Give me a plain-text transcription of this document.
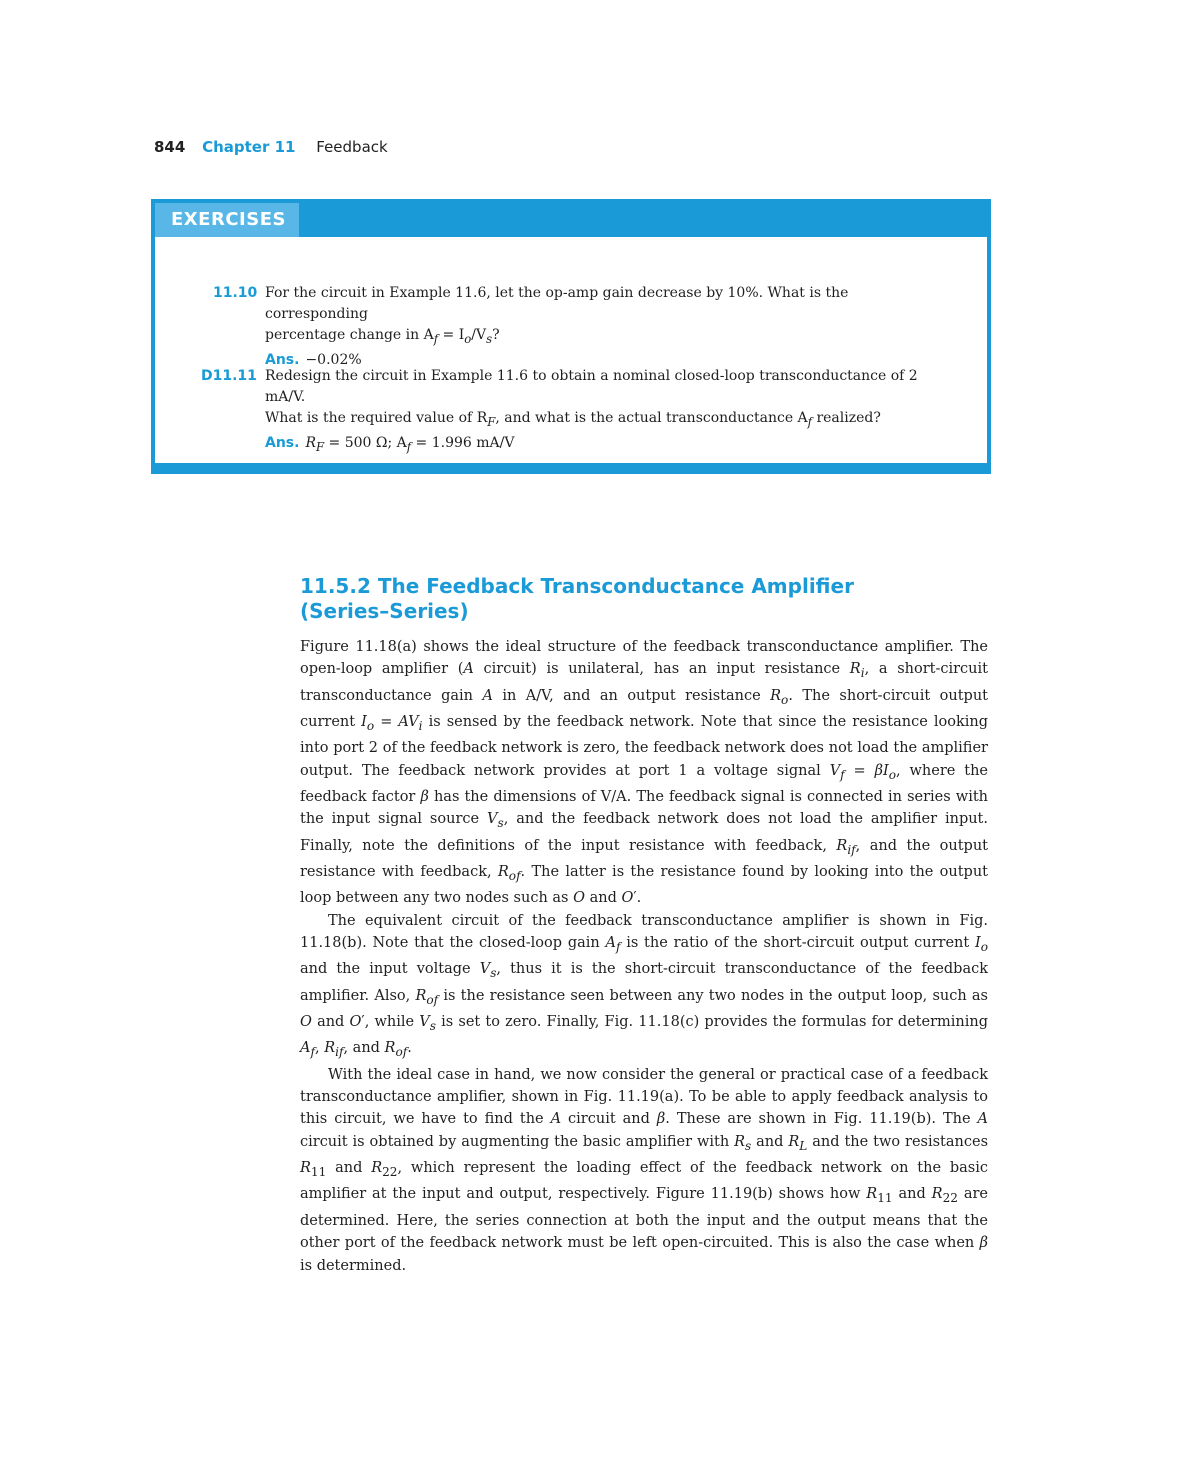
844 Chapter 11 Feedback
EXERCISES
11.10 For the circuit in Example 11.6, let the op-amp gain decrease by 10%. What is the corresponding
percentage change in $A_f = I_o/V_s$?
Ans. −0.02%
D11.11 Redesign the circuit in Example 11.6 to obtain a nominal closed-loop transconductance of 2 mA/V.
What is the required value of $R_F$, and what is the actual transconductance $A_f$ realized?
Ans. $R_F = 500$ Ω; $A_f = 1.996$ mA/V
11.5.2 The Feedback Transconductance Amplifier
(Series–Series)

Figure 11.18(a) shows the ideal structure of the feedback transconductance amplifier. The open-loop amplifier (A circuit) is unilateral, has an input resistance $R_i$, a short-circuit transconductance gain A in A/V, and an output resistance $R_o$. The short-circuit output current $I_o = AV_i$ is sensed by the feedback network. Note that since the resistance looking into port 2 of the feedback network is zero, the feedback network does not load the amplifier output. The feedback network provides at port 1 a voltage signal $V_f = \beta I_o$, where the feedback factor β has the dimensions of V/A. The feedback signal is connected in series with the input signal source $V_s$, and the feedback network does not load the amplifier input. Finally, note the definitions of the input resistance with feedback, $R_{if}$, and the output resistance with feedback, $R_{of}$. The latter is the resistance found by looking into the output loop between any two nodes such as O and O′.

The equivalent circuit of the feedback transconductance amplifier is shown in Fig. 11.18(b). Note that the closed-loop gain $A_f$ is the ratio of the short-circuit output current $I_o$ and the input voltage $V_s$, thus it is the short-circuit transconductance of the feedback amplifier. Also, $R_{of}$ is the resistance seen between any two nodes in the output loop, such as O and O′, while $V_s$ is set to zero. Finally, Fig. 11.18(c) provides the formulas for determining $A_f$, $R_{if}$, and $R_{of}$.

With the ideal case in hand, we now consider the general or practical case of a feedback transconductance amplifier, shown in Fig. 11.19(a). To be able to apply feedback analysis to this circuit, we have to find the A circuit and β. These are shown in Fig. 11.19(b). The A circuit is obtained by augmenting the basic amplifier with $R_s$ and $R_L$ and the two resistances $R_{11}$ and $R_{22}$, which represent the loading effect of the feedback network on the basic amplifier at the input and output, respectively. Figure 11.19(b) shows how $R_{11}$ and $R_{22}$ are determined. Here, the series connection at both the input and the output means that the other port of the feedback network must be left open-circuited. This is also the case when β is determined.
